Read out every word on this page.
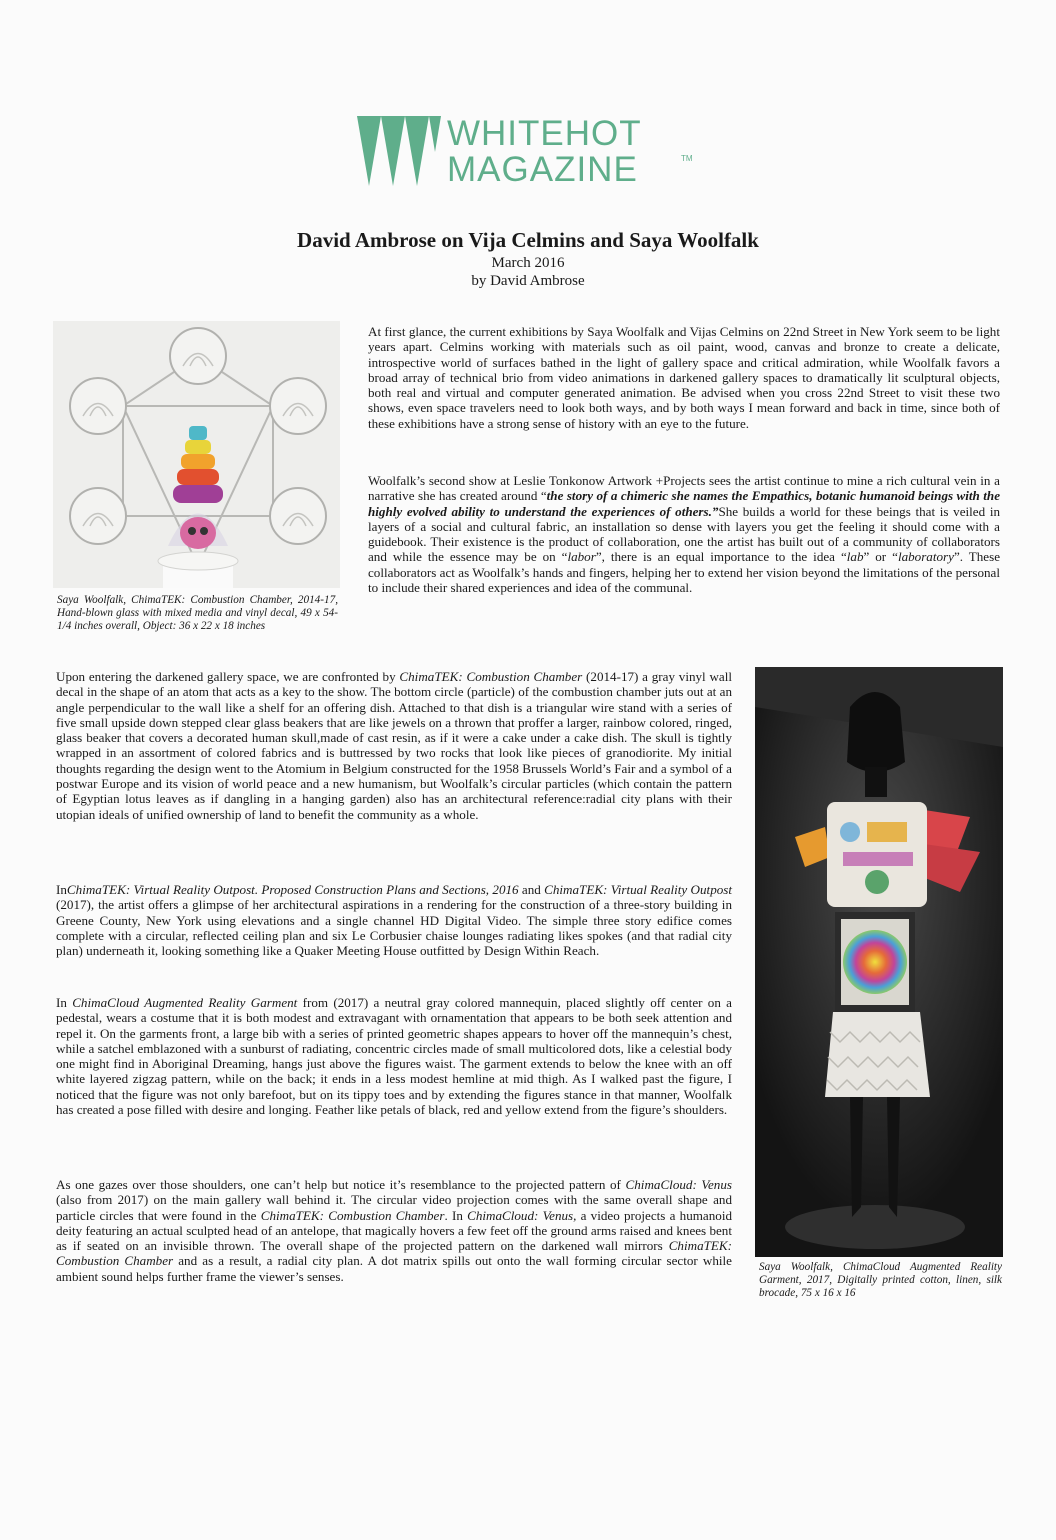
WHITEHOT
MAGAZINE	TM
David Ambrose on Vija Celmins and Saya Woolfalk
March 2016
by David Ambrose

Saya Woolfalk, ChimaTEK: Combustion Chamber, 2014-17, Hand-blown glass with mixed media and vinyl decal, 49 x 54-1/4 inches overall, Object: 36 x 22 x 18 inches

At first glance, the current exhibitions by Saya Woolfalk and Vijas Celmins on 22nd Street in New York seem to be light years apart. Celmins working with materials such as oil paint, wood, canvas and bronze to create a delicate, introspective world of surfaces bathed in the light of gallery space and critical admiration, while Woolfalk favors a broad array of technical brio from video animations in darkened gallery spaces to dramatically lit sculptural objects, both real and virtual and computer generated animation. Be advised when you cross 22nd Street to visit these two shows, even space travelers need to look both ways, and by both ways I mean forward and back in time, since both of these exhibitions have a strong sense of history with an eye to the future.

Woolfalk’s second show at Leslie Tonkonow Artwork +Projects sees the artist continue to mine a rich cultural vein in a narrative she has created around “the story of a chimeric she names the Empathics, botanic humanoid beings with the highly evolved ability to understand the experiences of others.”She builds a world for these beings that is veiled in layers of a social and cultural fabric, an installation so dense with layers you get the feeling it should come with a guidebook. Their existence is the product of collaboration, one the artist has built out of a community of collaborators and while the essence may be on “labor”, there is an equal importance to the idea “lab” or “laboratory”. These collaborators act as Woolfalk’s hands and fingers, helping her to extend her vision beyond the limitations of the personal to include their shared experiences and idea of the communal.

Upon entering the darkened gallery space, we are confronted by ChimaTEK: Combustion Chamber (2014-17) a gray vinyl wall decal in the shape of an atom that acts as a key to the show. The bottom circle (particle) of the combustion chamber juts out at an angle perpendicular to the wall like a shelf for an offering dish. Attached to that dish is a triangular wire stand with a series of five small upside down stepped clear glass beakers that are like jewels on a thrown that proffer a larger, rainbow colored, ringed, glass beaker that covers a decorated human skull,made of cast resin, as if it were a cake under a cake dish. The skull is tightly wrapped in an assortment of colored fabrics and is buttressed by two rocks that look like pieces of granodiorite. My initial thoughts regarding the design went to the Atomium in Belgium constructed for the 1958 Brussels World’s Fair and a symbol of a postwar Europe and its vision of world peace and a new humanism, but Woolfalk’s circular particles (which contain the pattern of Egyptian lotus leaves as if dangling in a hanging garden) also has an architectural reference:radial city plans with their utopian ideals of unified ownership of land to benefit the community as a whole.

InChimaTEK: Virtual Reality Outpost. Proposed Construction Plans and Sections, 2016 and ChimaTEK: Virtual Reality Outpost (2017), the artist offers a glimpse of her architectural aspirations in a rendering for the construction of a three-story building in Greene County, New York using elevations and a single channel HD Digital Video. The simple three story edifice comes complete with a circular, reflected ceiling plan and six Le Corbusier chaise lounges radiating likes spokes (and that radial city plan) underneath it, looking something like a Quaker Meeting House outfitted by Design Within Reach.

In ChimaCloud Augmented Reality Garment from (2017) a neutral gray colored mannequin, placed slightly off center on a pedestal, wears a costume that it is both modest and extravagant with ornamentation that appears to be both seek attention and repel it. On the garments front, a large bib with a series of printed geometric shapes appears to hover off the mannequin’s chest, while a satchel emblazoned with a sunburst of radiating, concentric circles made of small multicolored dots, like a celestial body one might find in Aboriginal Dreaming, hangs just above the figures waist. The garment extends to below the knee with an off white layered zigzag pattern, while on the back; it ends in a less modest hemline at mid thigh. As I walked past the figure, I noticed that the figure was not only barefoot, but on its tippy toes and by extending the figures stance in that manner, Woolfalk has created a pose filled with desire and longing. Feather like petals of black, red and yellow extend from the figure’s shoulders.

As one gazes over those shoulders, one can’t help but notice it’s resemblance to the projected pattern of ChimaCloud: Venus (also from 2017) on the main gallery wall behind it. The circular video projection comes with the same overall shape and particle circles that were found in the ChimaTEK: Combustion Chamber. In ChimaCloud: Venus, a video projects a humanoid deity featuring an actual sculpted head of an antelope, that magically hovers a few feet off the ground arms raised and knees bent as if seated on an invisible thrown. The overall shape of the projected pattern on the darkened wall mirrors ChimaTEK: Combustion Chamber and as a result, a radial city plan. A dot matrix spills out onto the wall forming circular sector while ambient sound helps further frame the viewer’s senses.

Saya Woolfalk, ChimaCloud Augmented Reality Garment, 2017, Digitally printed cotton, linen, silk brocade, 75 x 16 x 16
